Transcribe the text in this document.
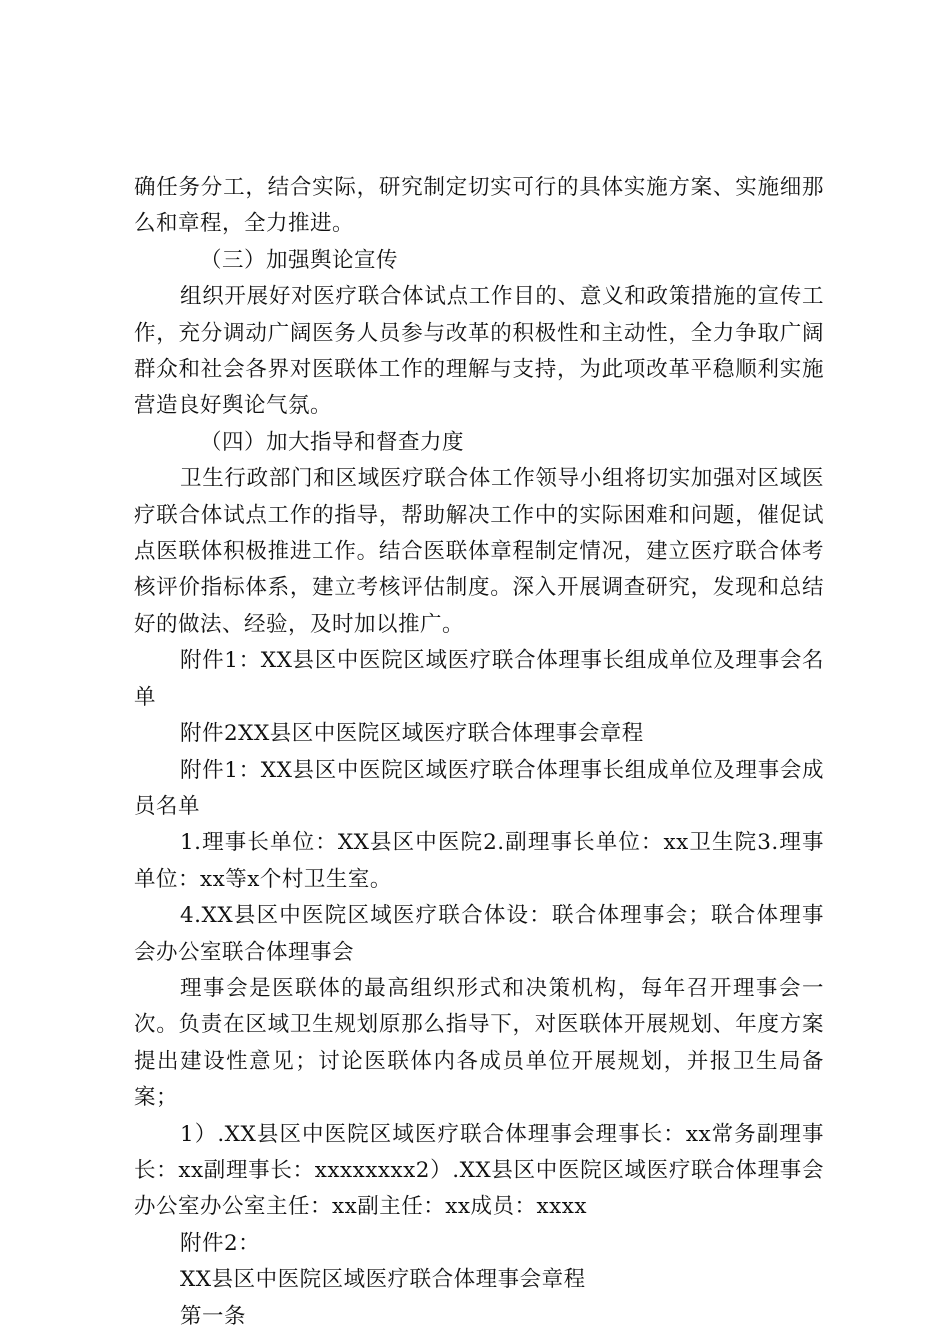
确任务分工，结合实际，研究制定切实可行的具体实施方案、实施细那么和章程，全力推进。

（三）加强舆论宣传

组织开展好对医疗联合体试点工作目的、意义和政策措施的宣传工作，充分调动广阔医务人员参与改革的积极性和主动性，全力争取广阔群众和社会各界对医联体工作的理解与支持，为此项改革平稳顺利实施营造良好舆论气氛。

（四）加大指导和督查力度

卫生行政部门和区域医疗联合体工作领导小组将切实加强对区域医疗联合体试点工作的指导，帮助解决工作中的实际困难和问题，催促试点医联体积极推进工作。结合医联体章程制定情况，建立医疗联合体考核评价指标体系，建立考核评估制度。深入开展调查研究，发现和总结好的做法、经验，及时加以推广。

附件1：XX县区中医院区域医疗联合体理事长组成单位及理事会名单

附件2XX县区中医院区域医疗联合体理事会章程

附件1：XX县区中医院区域医疗联合体理事长组成单位及理事会成员名单

1.理事长单位：XX县区中医院2.副理事长单位：xx卫生院3.理事单位：xx等x个村卫生室。

4.XX县区中医院区域医疗联合体设：联合体理事会；联合体理事会办公室联合体理事会

理事会是医联体的最高组织形式和决策机构，每年召开理事会一次。负责在区域卫生规划原那么指导下，对医联体开展规划、年度方案提出建设性意见；讨论医联体内各成员单位开展规划，并报卫生局备案；

1）.XX县区中医院区域医疗联合体理事会理事长：xx常务副理事长：xx副理事长：xxxxxxxx2）.XX县区中医院区域医疗联合体理事会办公室办公室主任：xx副主任：xx成员：xxxx

附件2：

XX县区中医院区域医疗联合体理事会章程

第一条
